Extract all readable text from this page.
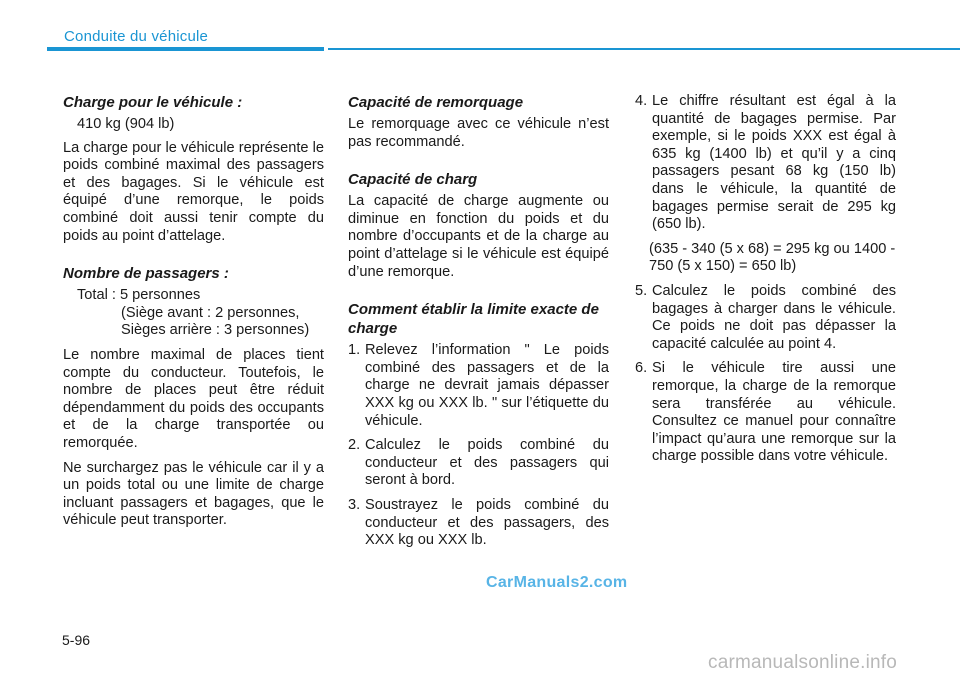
Conduite du véhicule
Charge pour le véhicule :
410 kg (904 lb)
La charge pour le véhicule représente le poids combiné maximal des passagers et des bagages. Si le véhicule est équipé d’une remorque, le poids combiné doit aussi tenir compte du poids au point d’attelage.
Nombre de passagers :
Total : 5 personnes
(Siège avant : 2 personnes,
Sièges arrière : 3 personnes)
Le nombre maximal de places tient compte du conducteur. Toutefois, le nombre de places peut être réduit dépendamment du poids des occupants et de la charge transportée ou remorquée.
Ne surchargez pas le véhicule car il y a un poids total ou une limite de charge incluant passagers et bagages, que le véhicule peut transporter.
Capacité de remorquage
Le remorquage avec ce véhicule n’est pas recommandé.
Capacité de charg
La capacité de charge augmente ou diminue en fonction du poids et du nombre d’occupants et de la charge au point d’attelage si le véhicule est équipé d’une remorque.
Comment établir la limite exacte de charge
1. Relevez l’information " Le poids combiné des passagers et de la charge ne devrait jamais dépasser XXX kg ou XXX lb. " sur l’étiquette du véhicule.
2. Calculez le poids combiné du conducteur et des passagers qui seront à bord.
3. Soustrayez le poids combiné du conducteur et des passagers, des XXX kg ou XXX lb.
4. Le chiffre résultant est égal à la quantité de bagages permise. Par exemple, si le poids XXX est égal à 635 kg (1400 lb) et qu’il y a cinq passagers pesant 68 kg (150 lb) dans le véhicule, la quantité de bagages permise serait de 295 kg (650 lb).
(635 - 340 (5 x 68) = 295 kg ou 1400 - 750 (5 x 150) = 650 lb)
5. Calculez le poids combiné des bagages à charger dans le véhicule. Ce poids ne doit pas dépasser la capacité calculée au point 4.
6. Si le véhicule tire aussi une remorque, la charge de la remorque sera transférée au véhicule. Consultez ce manuel pour connaître l’impact qu’aura une remorque sur la charge possible dans votre véhicule.
CarManuals2.com
5-96
carmanualsonline.info
